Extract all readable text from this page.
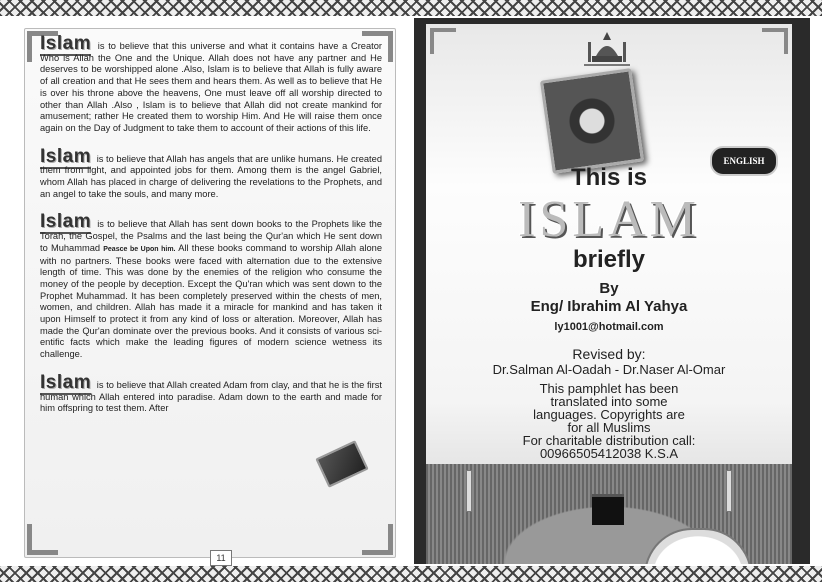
Islam is to believe that this universe and what it contains have a Creator Who is Allah the One and the Unique. Allah does not have any partner and He deserves to be worshipped alone .Also, Islam is to believe that Allah is fully aware of all creation and that He sees them and hears them. As well as to believe that He is over his throne above the heavens, One must leave off all worship directed to other than Allah .Also , Islam is to believe that Allah did not create mankind for amusement; rather He created them to worship Him. And He will raise them once again on the Day of Judgment to take them to account of their actions of this life.

Islam is to believe that Allah has angels that are unlike humans. He created them from light, and appointed jobs for them. Among them is the angel Gabriel, whom Allah has placed in charge of delivering the revelations to the Prophets, and an angel to take the souls, and many more.

Islam is to believe that Allah has sent down books to the Prophets like the Torah, the Gospel, the Psalms and the last being the Qur'an which He sent down to Muhammad Peasce be Upon him. All these books command to worship Allah alone with no partners. These books were faced with alternation due to the extensive length of time. This was done by the enemies of the religion who consume the money of the people by deception. Except the Qu'ran which was sent down to the Prophet Muhammad. It has been completely preserved within the chests of men, women, and children. Allah has made it a miracle for mankind and has taken it upon Himself to protect it from any kind of loss or alteration. Moreover, Allah has made the Qur'an dominate over the previous books. And it consists of various sci-entific facts which make the leading figures of modern science wetness its challenge.

Islam is to believe that Allah created Adam from clay, and that he is the first human which Allah entered into paradise. Adam down to the earth and made for him offspring to test them. After

11
ENGLISH
This is
ISLAM
briefly
By
Eng/ Ibrahim Al Yahya
ly1001@hotmail.com
Revised by:
Dr.Salman Al-Oadah - Dr.Naser Al-Omar
This pamphlet has been
translated into some
languages. Copyrights are
for all Muslims
For charitable distribution call:
00966505412038 K.S.A
